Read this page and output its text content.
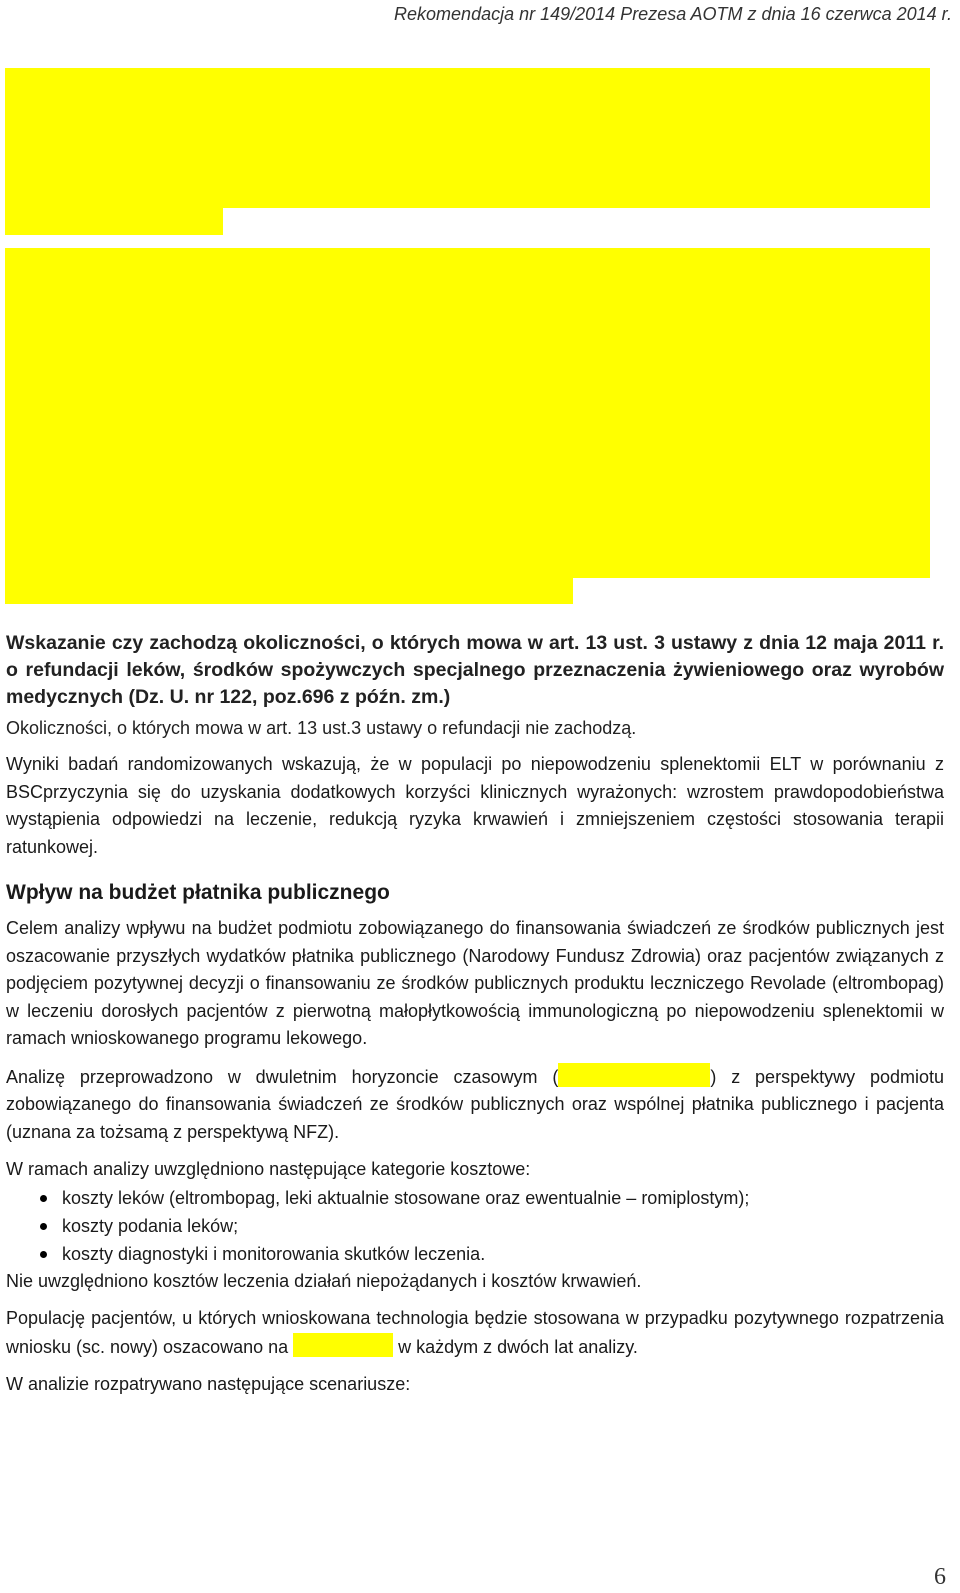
Rekomendacja nr 149/2014 Prezesa AOTM z dnia 16 czerwca 2014 r.

Wskazanie czy zachodzą okoliczności, o których mowa w art. 13 ust. 3 ustawy z dnia 12 maja 2011 r. o refundacji leków, środków spożywczych specjalnego przeznaczenia żywieniowego oraz wyrobów medycznych (Dz. U. nr 122, poz.696 z późn. zm.)

Okoliczności, o których mowa w art. 13 ust.3 ustawy o refundacji nie zachodzą.

Wyniki badań randomizowanych wskazują, że w populacji po niepowodzeniu splenektomii ELT w porównaniu z BSCprzyczynia się do uzyskania dodatkowych korzyści klinicznych wyrażonych: wzrostem prawdopodobieństwa wystąpienia odpowiedzi na leczenie, redukcją ryzyka krwawień i zmniejszeniem częstości stosowania terapii ratunkowej.

Wpływ na budżet płatnika publicznego

Celem analizy wpływu na budżet podmiotu zobowiązanego do finansowania świadczeń ze środków publicznych jest oszacowanie przyszłych wydatków płatnika publicznego (Narodowy Fundusz Zdrowia) oraz pacjentów związanych z podjęciem pozytywnej decyzji o finansowaniu ze środków publicznych produktu leczniczego Revolade (eltrombopag) w leczeniu dorosłych pacjentów z pierwotną małopłytkowością immunologiczną po niepowodzeniu splenektomii w ramach wnioskowanego programu lekowego.

Analizę przeprowadzono w dwuletnim horyzoncie czasowym (	) z perspektywy podmiotu zobowiązanego do finansowania świadczeń ze środków publicznych oraz wspólnej płatnika publicznego i pacjenta (uznana za tożsamą z perspektywą NFZ).

W ramach analizy uwzględniono następujące kategorie kosztowe:

koszty leków (eltrombopag, leki aktualnie stosowane oraz ewentualnie – romiplostym);
koszty podania leków;
koszty diagnostyki i monitorowania skutków leczenia.

Nie uwzględniono kosztów leczenia działań niepożądanych i kosztów krwawień.

Populację pacjentów, u których wnioskowana technologia będzie stosowana w przypadku pozytywnego rozpatrzenia wniosku (sc. nowy) oszacowano na	w każdym z dwóch lat analizy.

W analizie rozpatrywano następujące scenariusze:

6
